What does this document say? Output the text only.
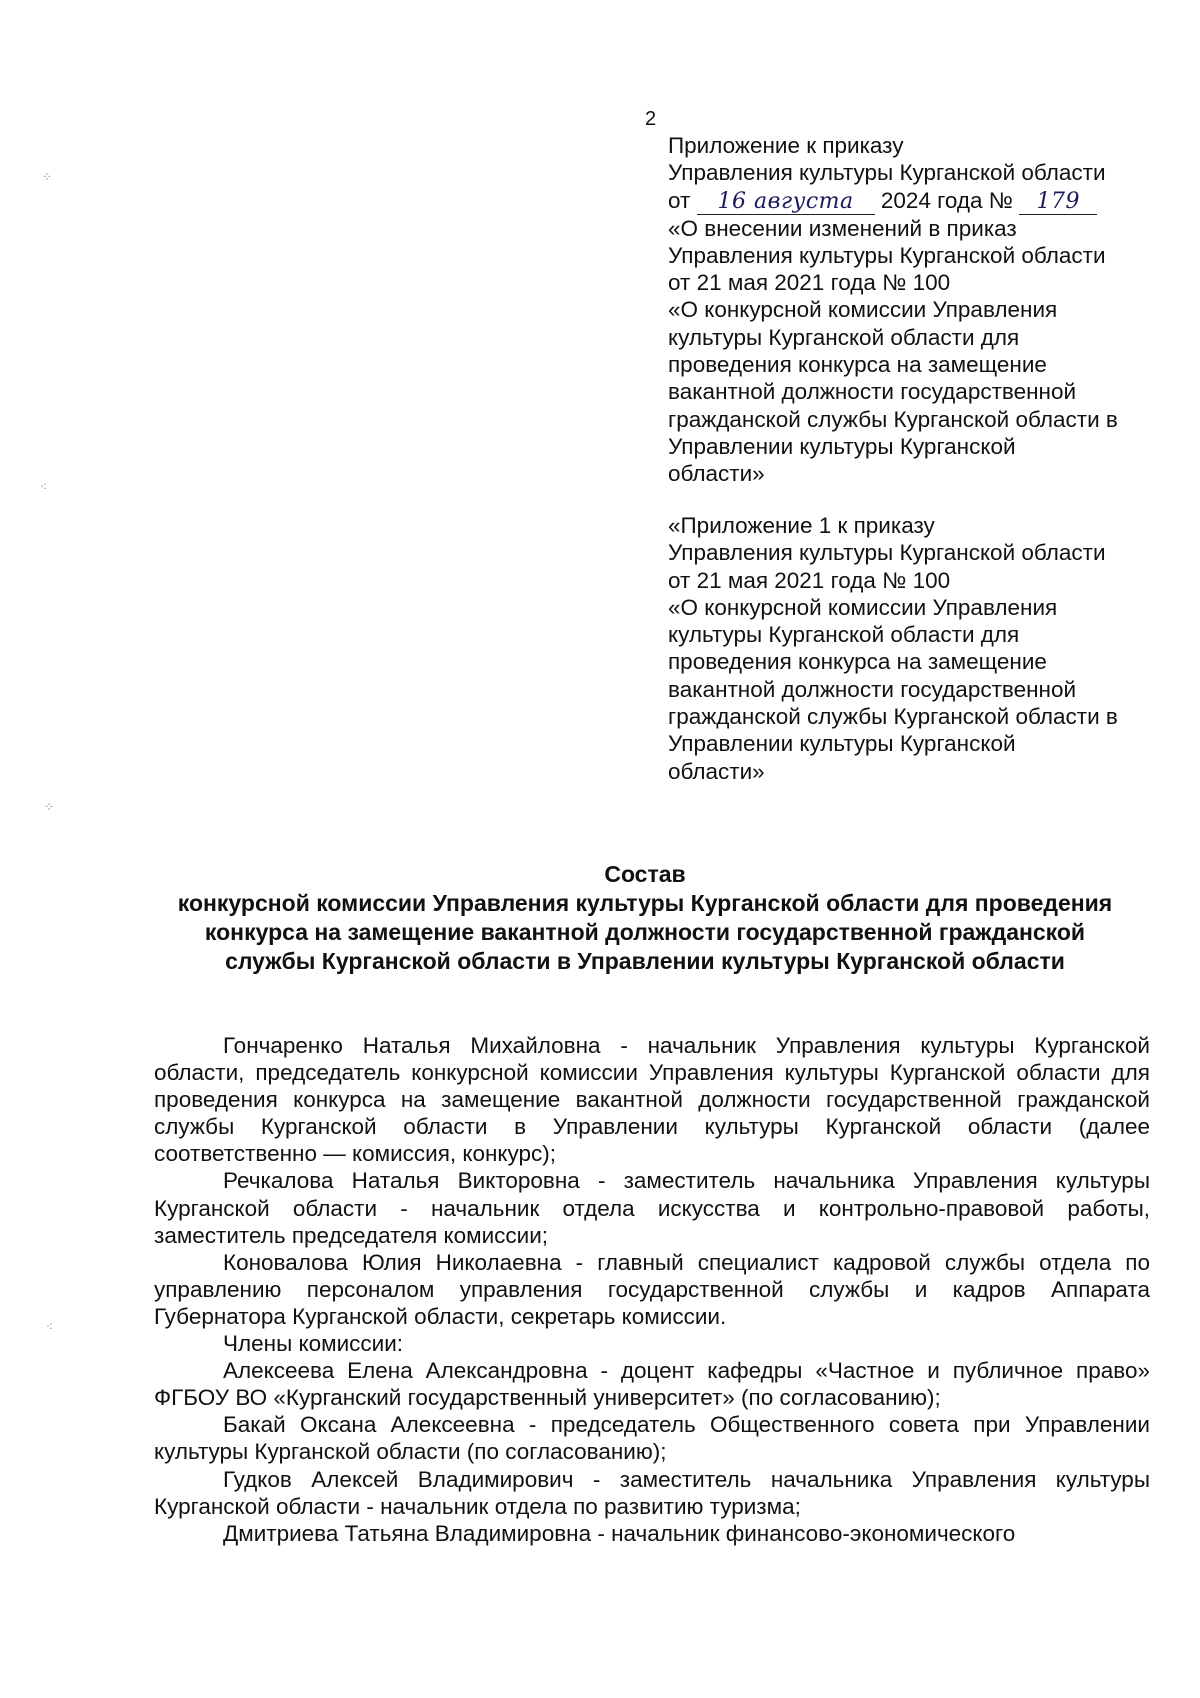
2

Приложение к приказу

Управления культуры Курганской области

от 16 августа 2024 года № 179

«О внесении изменений в приказ

Управления культуры Курганской области

от 21 мая 2021 года № 100

«О конкурсной комиссии Управления

культуры Курганской области для

проведения конкурса на замещение

вакантной должности государственной

гражданской службы Курганской области в

Управлении культуры Курганской

области»

«Приложение 1 к приказу

Управления культуры Курганской области

от 21 мая 2021 года № 100

«О конкурсной комиссии Управления

культуры Курганской области для

проведения конкурса на замещение

вакантной должности государственной

гражданской службы Курганской области в

Управлении культуры Курганской

области»

Состав

конкурсной комиссии Управления культуры Курганской области для проведения

конкурса на замещение вакантной должности государственной гражданской

службы Курганской области в Управлении культуры Курганской области

Гончаренко Наталья Михайловна - начальник Управления культуры Курганской области, председатель конкурсной комиссии Управления культуры Курганской области для проведения конкурса на замещение вакантной должности государственной гражданской службы Курганской области в Управлении культуры Курганской области (далее соответственно — комиссия, конкурс);

Речкалова Наталья Викторовна - заместитель начальника Управления культуры Курганской области - начальник отдела искусства и контрольно-правовой работы, заместитель председателя комиссии;

Коновалова Юлия Николаевна - главный специалист кадровой службы отдела по управлению персоналом управления государственной службы и кадров Аппарата Губернатора Курганской области, секретарь комиссии.

Члены комиссии:

Алексеева Елена Александровна - доцент кафедры «Частное и публичное право» ФГБОУ ВО «Курганский государственный университет» (по согласованию);

Бакай Оксана Алексеевна - председатель Общественного совета при Управлении культуры Курганской области (по согласованию);

Гудков Алексей Владимирович - заместитель начальника Управления культуры Курганской области - начальник отдела по развитию туризма;

Дмитриева Татьяна Владимировна - начальник финансово-экономического

⁘
⁖
⁘
⁖
